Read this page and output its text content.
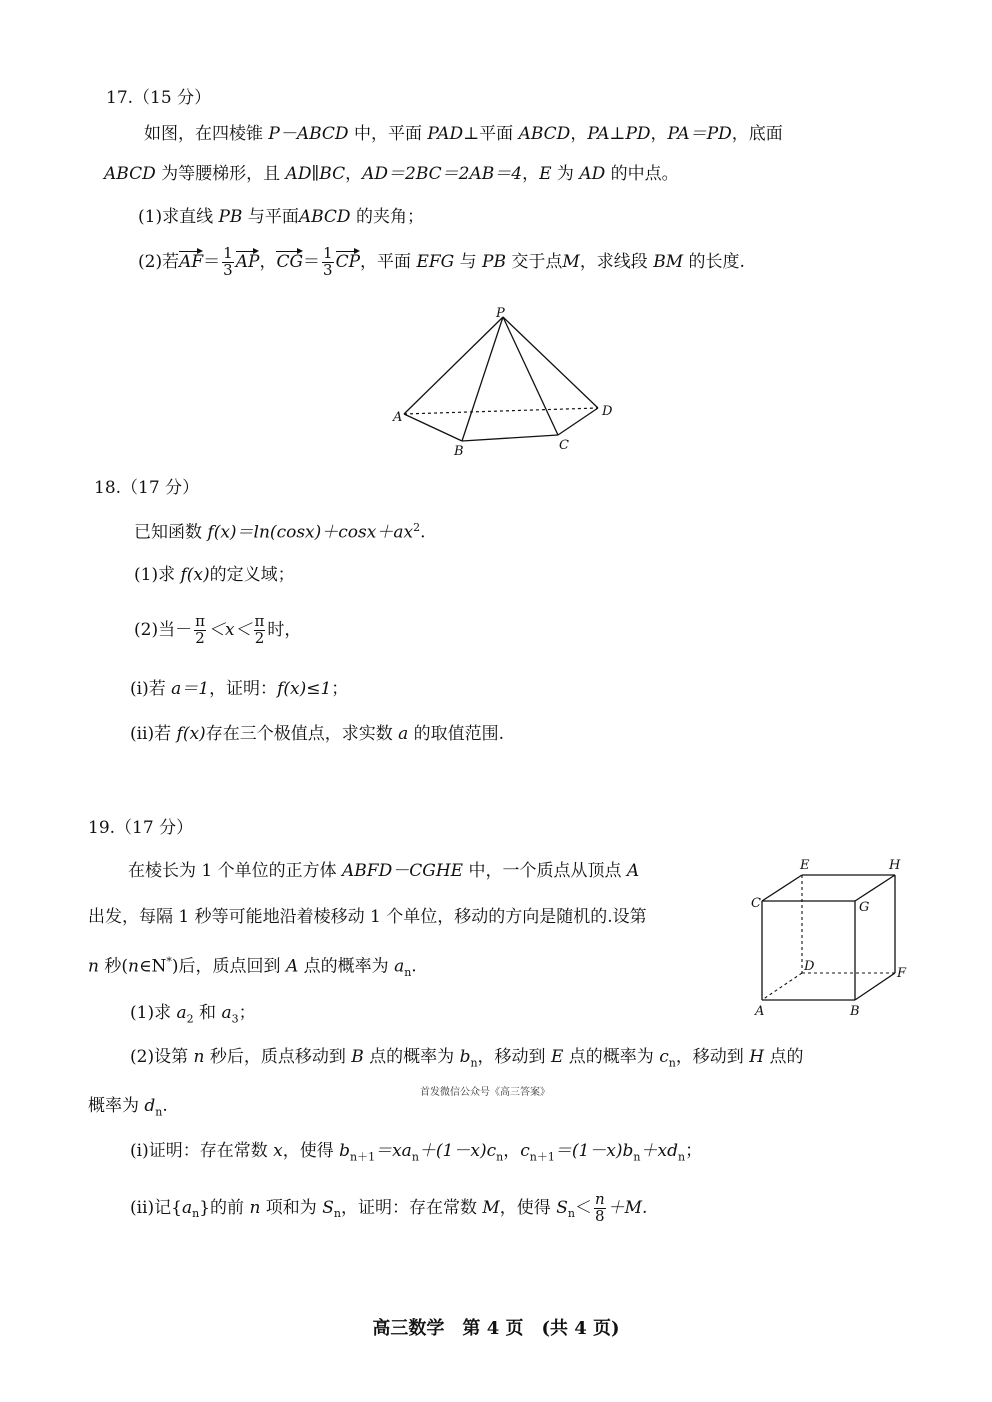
17.（15 分）
如图，在四棱锥 P－ABCD 中，平面 PAD⊥平面 ABCD，PA⊥PD，PA＝PD，底面
ABCD 为等腰梯形，且 AD∥BC，AD＝2BC＝2AB＝4，E 为 AD 的中点。
(1)求直线 PB 与平面ABCD 的夹角；
(2)若$AF= \frac{1}{3}$ AP，$CG= \frac{1}{3}$ CP，平面 EFG 与 PB 交于点M，求线段 BM 的长度.
P
A
B	C
D
18.（17 分）
已知函数 $f(x)=\ln(\cos x)+\cos x+ax^2$.
(1)求 f(x)的定义域；
(2)当－ $\frac{\pi}{2} <x< \frac{\pi}{2}$ 时，
(ⅰ)若 a＝1，证明：f(x)≤1；
(ⅱ)若 f(x)存在三个极值点，求实数 a 的取值范围.
19.（17 分）
在棱长为 1 个单位的正方体 ABFD－CGHE 中，一个质点从顶点 A
出发，每隔 1 秒等可能地沿着棱移动 1 个单位，移动的方向是随机的.设第
n 秒(n∈N*)后，质点回到 A 点的概率为 $a_n$.
E	H
C	G
D	F
A	B
(1)求 $a_2$ 和 $a_3$；
(2)设第 n 秒后，质点移动到 B 点的概率为 $b_n$，移动到 E 点的概率为 $c_n$，移动到 H 点的
首发微信公众号《高三答案》
概率为 $d_n$.
(ⅰ)证明：存在常数 x，使得 $b_{n+1}=xa_n+(1-x)c_n$，$c_{n+1}=(1-x)b_n+xd_n$；
(ⅱ)记$\{a_n\}$的前 n 项和为 $S_n$，证明：存在常数 M，使得 $S_n< \frac{n}{8} +M$.
高三数学　第 4 页　(共 4 页)
